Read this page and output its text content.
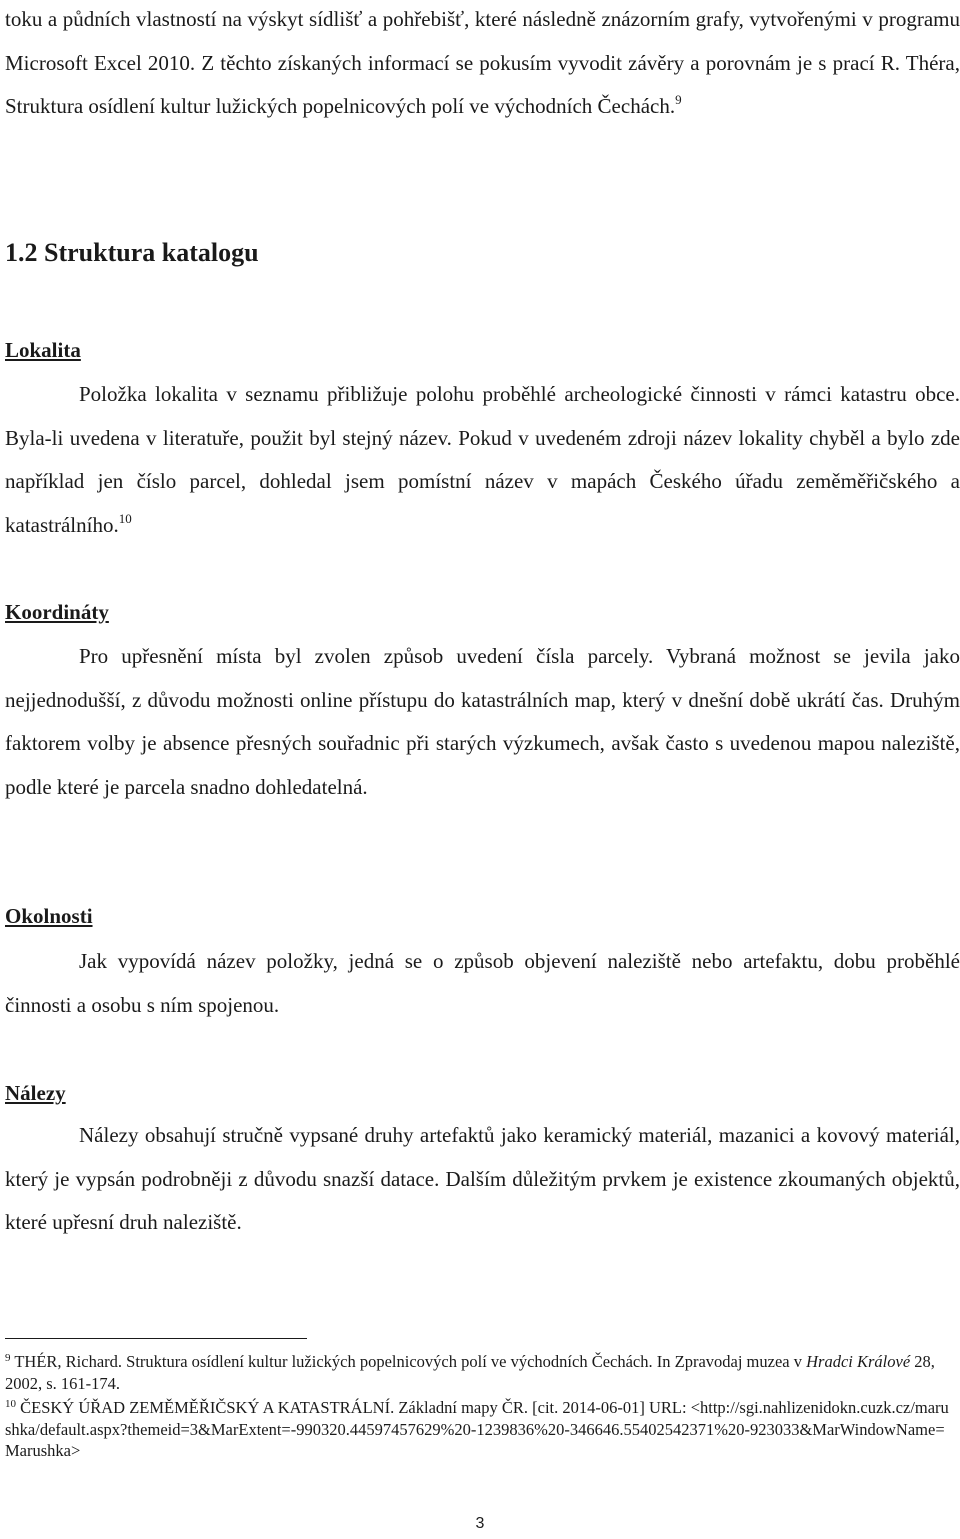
toku a půdních vlastností na výskyt sídlišť a pohřebišť, které následně znázorním grafy, vytvořenými v programu Microsoft Excel 2010. Z těchto získaných informací se pokusím vyvodit závěry a porovnám je s prací R. Théra, Struktura osídlení kultur lužických popelnicových polí ve východních Čechách.$^9$

1.2 Struktura katalogu
Lokalita

Položka lokalita v seznamu přibližuje polohu proběhlé archeologické činnosti v rámci katastru obce. Byla-li uvedena v literatuře, použit byl stejný název. Pokud v uvedeném zdroji název lokality chyběl a bylo zde například jen číslo parcel, dohledal jsem pomístní název v mapách Českého úřadu zeměměřičského a katastrálního.$^{10}$

Koordináty

Pro upřesnění místa byl zvolen způsob uvedení čísla parcely. Vybraná možnost se jevila jako nejjednodušší, z důvodu možnosti online přístupu do katastrálních map, který v dnešní době ukrátí čas. Druhým faktorem volby je absence přesných souřadnic při starých výzkumech, avšak často s uvedenou mapou naleziště, podle které je parcela snadno dohledatelná.

Okolnosti

Jak vypovídá název položky, jedná se o způsob objevení naleziště nebo artefaktu, dobu proběhlé činnosti a osobu s ním spojenou.

Nálezy

Nálezy obsahují stručně vypsané druhy artefaktů jako keramický materiál, mazanici a kovový materiál, který je vypsán podrobněji z důvodu snazší datace. Dalším důležitým prvkem je existence zkoumaných objektů, které upřesní druh naleziště.

$^9$ THÉR, Richard. Struktura osídlení kultur lužických popelnicových polí ve východních Čechách. In Zpravodaj muzea v Hradci Králové 28, 2002, s. 161-174.

$^{10}$ ČESKÝ ÚŘAD ZEMĚMĚŘIČSKÝ A KATASTRÁLNÍ. Základní mapy ČR. [cit. 2014-06-01] URL: <http://sgi.nahlizenidokn.cuzk.cz/marushka/default.aspx?themeid=3&MarExtent=-990320.44597457629%20-1239836%20-346646.55402542371%20-923033&MarWindowName=Marushka>

3
